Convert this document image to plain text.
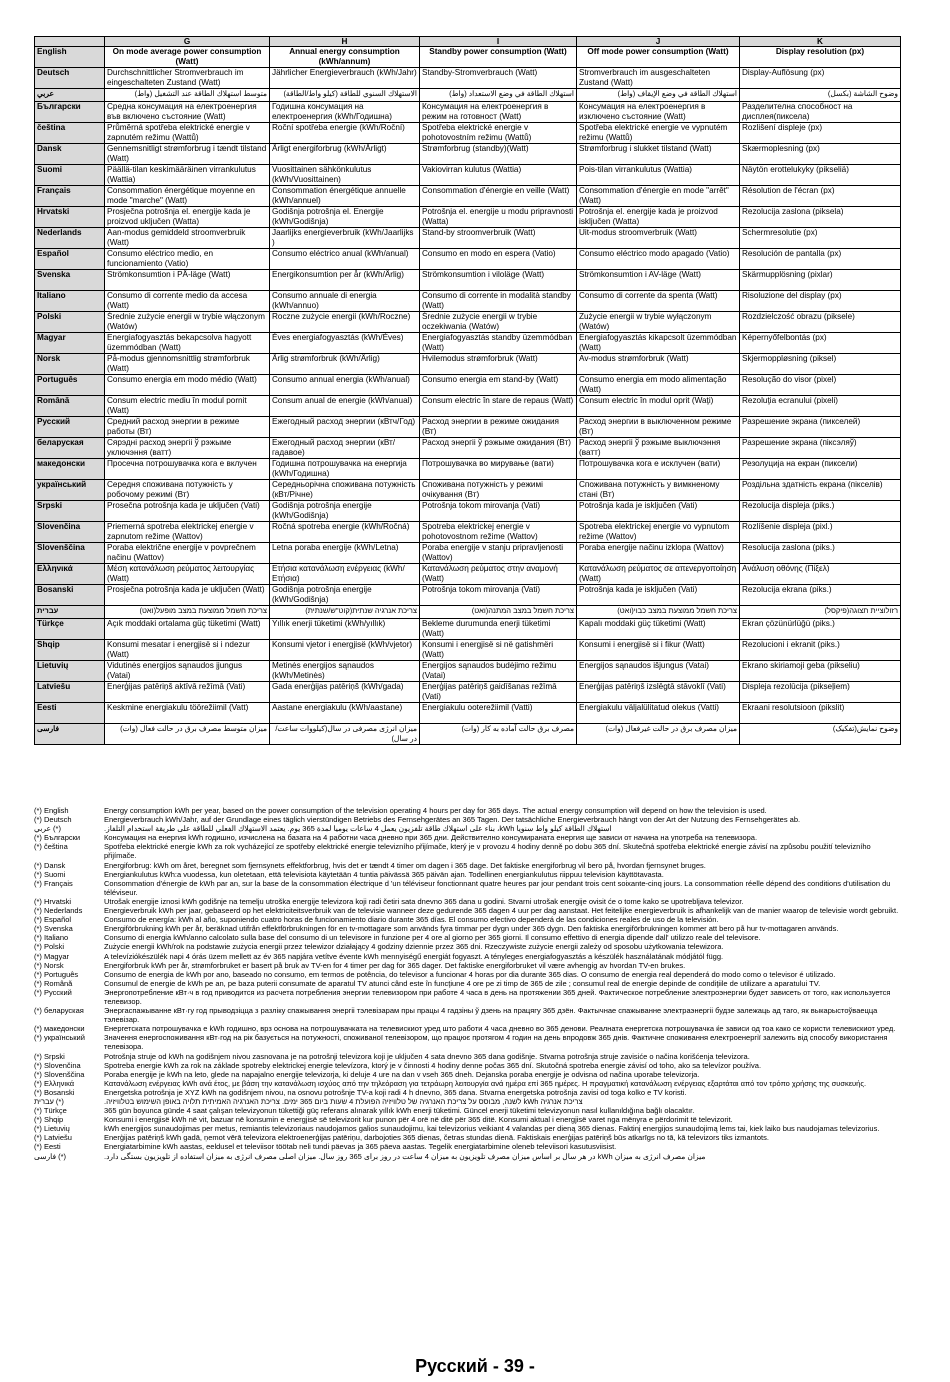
	G	H	I	J	K
English	On mode average power consumption (Watt)	Annual energy consumption (kWh/annum)	Standby power consumption (Watt)	Off mode power consumption (Watt)	Display resolution (px)
Deutsch	Durchschnittlicher Stromverbrauch im eingeschalteten Zustand (Watt)	Jährlicher Energieverbrauch (kWh/Jahr)	Standby-Stromverbrauch (Watt)	Stromverbrauch im ausgeschalteten Zustand (Watt)	Display-Auflösung (px)
عربي	متوسط استهلاك الطاقة عند التشغيل (واط)	الاستهلاك السنوي للطاقة (كيلو واط/الطاقة)	استهلاك الطاقة في وضع الاستعداد (واط)	استهلاك الطاقة في وضع الإيقاف (واط)	وضوح الشاشة (بكسل)
Български	Средна консумация на електроенергия във включено състояние (Watt)	Годишна консумация на електроенергия (kWh/Годишна)	Консумация на електроенергия в режим на готовност (Watt)	Консумация на електроенергия в изключено състояние (Watt)	Разделителна способност на дисплея(пиксела)
čeština	Průměrná spotřeba elektrické energie v zapnutém režimu (Wattů)	Roční spotřeba energie (kWh/Roční)	Spotřeba elektrické energie v pohotovostním režimu (Wattů)	Spotřeba elektrické energie ve vypnutém režimu (Wattů)	Rozlišení displeje (px)
Dansk	Gennemsnitligt strømforbrug i tændt tilstand (Watt)	Årligt energiforbrug (kWh/Årligt)	Strømforbrug (standby)(Watt)	Strømforbrug i slukket tilstand (Watt)	Skærmoplesning (px)
Suomi	Päällä-tilan keskimääräinen virrankulutus (Wattia)	Vuosittainen sähkönkulutus (kWh/Vuosittainen)	Vakiovirran kulutus (Wattia)	Pois-tilan virrankulutus (Wattia)	Näytön erottelukyky (pikseliä)
Français	Consommation énergétique moyenne en mode "marche" (Watt)	Consommation énergétique annuelle (kWh/annuel)	Consommation d'énergie en veille (Watt)	Consommation d'énergie en mode "arrêt" (Watt)	Résolution de l'écran (px)
Hrvatski	Prosječna potrošnja el. energije kada je proizvod uključen (Watta)	Godišnja potrošnja el. Energije (kWh/Godišnja)	Potrošnja el. energije u modu pripravnosti (Watta)	Potrošnja el. energije kada je proizvod isključen (Watta)	Rezolucija zaslona (piksela)
Nederlands	Aan-modus gemiddeld stroomverbruik (Watt)	Jaarlijks energieverbruik (kWh/Jaarlijks )	Stand-by stroomverbruik (Watt)	Uit-modus stroomverbruik (Watt)	Schermresolutie (px)
Español	Consumo eléctrico medio, en funcionamiento (Vatio)	Consumo eléctrico anual (kWh/anual)	Consumo en modo en espera (Vatio)	Consumo eléctrico modo apagado (Vatio)	Resolución de pantalla (px)
Svenska	Strömkonsumtion i PÅ-läge (Watt)	Energikonsumtion per år (kWh/Årlig)	Strömkonsumtion i viloläge (Watt)	Strömkonsumtion i AV-läge (Watt)	Skärmupplösning (pixlar)
Italiano	Consumo di corrente medio da accesa (Watt)	Consumo annuale di energia (kWh/annuo)	Consumo di corrente in modalità standby (Watt)	Consumo di corrente da spenta (Watt)	Risoluzione del display (px)
Polski	Średnie zużycie energii w trybie włączonym (Watów)	Roczne zużycie energii (kWh/Roczne)	Średnie zużycie energii w trybie oczekiwania (Watów)	Zużycie energii w trybie wyłączonym (Watów)	Rozdzielczość obrazu (piksele)
Magyar	Energiafogyasztás bekapcsolva hagyott üzemmódban (Watt)	Éves energiafogyasztás (kWh/Éves)	Energiafogyasztás standby üzemmódban (Watt)	Energiafogyasztás kikapcsolt üzemmódban (Watt)	Képernyőfelbontás (px)
Norsk	På-modus gjennomsnittlig strømforbruk (Watt)	Årlig strømforbruk (kWh/Årlig)	Hvilemodus strømforbruk (Watt)	Av-modus strømforbruk (Watt)	Skjermoppløsning (piksel)
Português	Consumo energia em modo médio (Watt)	Consumo annual energia (kWh/anual)	Consumo energia em stand-by (Watt)	Consumo energia em modo alimentação (Watt)	Resolução do visor (pixel)
Română	Consum electric mediu în modul pornit (Watt)	Consum anual de energie (kWh/anual)	Consum electric în stare de repaus (Watt)	Consum electric în modul oprit (Waţi)	Rezoluţia ecranului (pixeli)
Русский	Средний расход энергии в режиме работы (Вт)	Ежегодный расход энергии (кВтч/Год)	Расход энергии в режиме ожидания (Вт)	Расход энергии в выключенном режиме (Вт)	Разрешение экрана (пикселей)
беларуская	Сярэдні расход энергіі ў рэжыме уключэння (ватт)	Ежегодный расход энергии (кВт/гадавое)	Расход энергіі ў рэжыме ожидания (Вт)	Расход энергіі ў рэжыме выключэння (ватт)	Разрешение экрана (пiксэляў)
македонски	Просечна потрошувачка кога е вклучен	Годишна потрошувачка на енергија (kWh/Годишна)	Потрошувачка во мирување (вати)	Потрошувачка кога е исклучен (вати)	Резолуција на екран (пиксели)
український	Середня споживана потужність у робочому режимі (Вт)	Середньорічна споживана потужність (кВт/Річне)	Споживана потужність у режимі очікування (Вт)	Споживана потужність у вимкненому стані (Вт)	Роздільна здатність екрана (пікселів)
Srpski	Prosečna potrošnja kada je uključen (Vati)	Godišnja potrošnja energije (kWh/Godišnja)	Potrošnja tokom mirovanja (Vati)	Potrošnja kada je isključen (Vati)	Rezolucija displeja (piks.)
Slovenčina	Priemerná spotreba elektrickej energie v zapnutom režime (Wattov)	Ročná spotreba energie (kWh/Ročná)	Spotreba elektrickej energie v pohotovostnom režime (Wattov)	Spotreba elektrickej energie vo vypnutom režime (Wattov)	Rozlíšenie displeja (pixl.)
Slovenščina	Poraba električne energije v povprečnem načinu (Wattov)	Letna poraba energije (kWh/Letna)	Poraba energije v stanju pripravljenosti (Wattov)	Poraba energije načinu izklopa (Wattov)	Resolucija zaslona (piks.)
Ελληνικά	Μέση κατανάλωση ρεύματος λειτουργίας (Watt)	Ετήσια κατανάλωση ενέργειας (kWh/Ετήσια)	Κατανάλωση ρεύματος στην αναμονή (Watt)	Κατανάλωση ρεύματος σε απενεργοποίηση (Watt)	Ανάλυση οθόνης (Πίξελ)
Bosanski	Prosječna potrošnja kada je uključen (Watt)	Godišnja potrošnja energije (kWh/Godišnja)	Potrošnja tokom mirovanja (Vati)	Potrošnja kada je isključen (Vati)	Rezolucija ekrana (piks.)
עברית	צריכת חשמל ממוצעת במצב מופעל(ואט)	צריכת אנרגיה שנתית(קוט"ש/שנתית)	צריכת חשמל במצב המתנה(ואט)	צריכת חשמל ממוצעת במצב כבוי(ואט)	רזולוציית תצוגה(פיקסל)
Türkçe	Açık moddaki ortalama güç tüketimi (Watt)	Yıllık enerji tüketimi (kWh/yıllık)	Bekleme durumunda enerji tüketimi (Watt)	Kapalı moddaki güç tüketimi (Watt)	Ekran çözünürlüğü (piks.)
Shqip	Konsumi mesatar i energjisë si i ndezur (Watt)	Konsumi vjetor i energjisë (kWh/vjetor)	Konsumi i energjisë si në gatishmëri (Watt)	Konsumi i energjisë si i fikur (Watt)	Rezolucioni i ekranit (piks.)
Lietuvių	Vidutinės energijos sąnaudos įjungus (Vatai)	Metinės energijos sąnaudos (kWh/Metinės)	Energijos sąnaudos budėjimo režimu (Vatai)	Energijos sąnaudos išjungus (Vatai)	Ekrano skiriamoji geba (pikseliu)
Latviešu	Enerģijas patēriņš aktīvā režīmā (Vati)	Gada enerģijas patēriņš (kWh/gada)	Enerģijas patēriņš gaidīšanas režīmā (Vati)	Enerģijas patēriņš izslēgtā stāvoklī (Vati)	Displeja rezolūcija (pikseļiem)
Eesti	Keskmine energiakulu töörežiimil (Vatt)	Aastane energiakulu (kWh/aastane)	Energiakulu ooterežiimil (Vatti)	Energiakulu väljalülitatud olekus (Vatti)	Ekraani resolutsioon (pikslit)
فارسی	میزان متوسط مصرف برق در حالت فعال (وات)	میزان انرژی مصرفی در سال(کیلووات ساعت/در سال)	مصرف برق حالت آماده به کار (وات)	میزان مصرف برق در حالت غیرفعال (وات)	وضوح نمایش(تفکیک)
(*) English	Energy consumption kWh per year, based on the power consumption of the television operating 4 hours per day for 365 days. The actual energy consumption will depend on how the television is used.
(*) Deutsch	Energieverbrauch kWh/Jahr, auf der Grundlage eines täglich vierstündigen Betriebs des Fernsehgerätes an 365 Tagen. Der tatsächliche Energieverbrauch hängt von der Art der Nutzung des Fernsehgerätes ab.
عربي (*)	استهلاك الطاقة كيلو واط سنويا kWh، بناء على استهلاك طاقة تلفزيون يعمل 4 ساعات يوميا لمدة 365 يوم. يعتمد الاستهلاك الفعلي للطاقة على طريقة استخدام التلفاز.
(*) Български	Консумация на енергия kWh годишно, изчислена на базата на 4 работни часа дневно при 365 дни. Действително консумираната енергия ще зависи от начина на употреба на телевизора.
(*) čeština	Spotřeba elektrické energie kWh za rok vycházející ze spotřeby elektrické energie televizního přijímače, který je v provozu 4 hodiny denně po dobu 365 dní. Skutečná spotřeba elektrické energie závisí na způsobu použití televizního přijímače.
(*) Dansk	Energiforbrug: kWh om året, beregnet som fjernsynets effektforbrug, hvis det er tændt 4 timer om dagen i 365 dage. Det faktiske energiforbrug vil bero på, hvordan fjernsynet bruges.
(*) Suomi	Energiankulutus kWh:a vuodessa, kun oletetaan, että televisiota käytetään 4 tuntia päivässä 365 päivän ajan. Todellinen energiankulutus riippuu television käyttötavasta.
(*) Français	Consommation d'énergie de kWh par an, sur la base de la consommation électrique d 'un téléviseur fonctionnant quatre heures par jour pendant trois cent soixante-cinq jours. La consommation réelle dépend des conditions d'utilisation du téléviseur.
(*) Hrvatski	Utrošak energije iznosi kWh godišnje na temelju utroška energije televizora koji radi četiri sata dnevno 365 dana u godini. Stvarni utrošak energije ovisit će o tome kako se upotrebljava televizor.
(*) Nederlands	Energieverbruik kWh per jaar, gebaseerd op het elektriciteitsverbruik van de televisie wanneer deze gedurende 365 dagen 4 uur per dag aanstaat. Het feitelijke energieverbruik is afhankelijk van de manier waarop de televisie wordt gebruikt.
(*) Español	Consumo de energía: kWh al año, suponiendo cuatro horas de funcionamiento diario durante 365 días. El consumo efectivo dependerá de las condiciones reales de uso de la televisión.
(*) Svenska	Energiförbrukning kWh per år, beräknad utifrån effektförbrukningen för en tv-mottagare som används fyra timmar per dygn under 365 dygn. Den faktiska energiförbrukningen kommer att bero på hur tv-mottagaren används.
(*) Italiano	Consumo di energia kWh/anno calcolato sulla base del consumo di un televisore in funzione per 4 ore al giorno per 365 giorni. Il consumo effettivo di energia dipende dall' utilizzo reale del televisore.
(*) Polski	Zużycie energii kWh/rok na podstawie zużycia energii przez telewizor działający 4 godziny dziennie przez 365 dni. Rzeczywiste zużycie energii zależy od sposobu użytkowania telewizora.
(*) Magyar	A televíziókészülék napi 4 órás üzem mellett az év 365 napjára vetítve évente kWh mennyiségű energiát fogyaszt. A tényleges energiafogyasztás a készülék használatának módjától függ.
(*) Norsk	Energiforbruk kWh per år, strømforbruket er basert på bruk av TV-en for 4 timer per dag for 365 dager. Det faktiske energiforbruket vil være avhengig av hvordan TV-en brukes.
(*) Português	Consumo de energia de kWh por ano, baseado no consumo, em termos de potência, do televisor a funcionar 4 horas por dia durante 365 dias. O consumo de energia real dependerá do modo como o televisor é utilizado.
(*) Română	Consumul de energie de kWh pe an, pe baza puterii consumate de aparatul TV atunci când este în funcţiune 4 ore pe zi timp de 365 de zile ; consumul real de energie depinde de condiţiile de utilizare a aparatului TV.
(*) Русский	Энергопотребление кВт·ч в год приводится из расчета потребления энергии телевизором при работе 4 часа в день на протяжении 365 дней. Фактическое потребление электроэнергии будет зависеть от того, как используется телевизор.
(*) беларуская	Энергаспажыванне кВт·гу год прыводзіцца з разліку спажывання энергіі тэлевізарам пры працы 4 гадзіны ў дзень на працягу 365 дзён. Фактычнае спажыванне электраэнергіі будзе залежаць ад таго, як выкарыстоўваецца тэлевізар.
(*) македонски	Енергетската потрошувачка е kWh годишно, врз основа на потрошувачката на телевискиот уред што работи 4 часа дневно во 365 денови. Реалната енергетска потрошувачка ќе зависи од тоа како се користи телевискиот уред.
(*) український	Значення енергоспоживання кВт·год на рік базується на потужності, споживаної телевізором, що працює протягом 4 годин на день впродовж 365 днів. Фактичне споживання електроенергії залежить від способу використання телевізора.
(*) Srpski	Potrošnja struje od kWh na godišnjem nivou zasnovana je na potrošnji televizora koji je uključen 4 sata dnevno 365 dana godišnje. Stvarna potrošnja struje zavisiće o načina korišćenja televizora.
(*) Slovenčina	Spotreba energie kWh za rok na základe spotreby elektrickej energie televízora, ktorý je v činnosti 4 hodiny denne počas 365 dní. Skutočná spotreba energie závisí od toho, ako sa televízor používa.
(*) Slovenščina	Poraba energije je kWh na leto, glede na napajalno energije televizorja, ki deluje 4 ure na dan v vseh 365 dneh. Dejanska poraba energije je odvisna od načina uporabe televizorja.
(*) Ελληνικά	Κατανάλωση ενέργειας kWh ανά έτος, με βάση την κατανάλωση ισχύος από την τηλεόραση για τετράωρη λειτουργία ανά ημέρα επί 365 ημέρες. Η πραγματική κατανάλωση ενέργειας εξαρτάται από τον τρόπο χρήσης της συσκευής.
(*) Bosanski	Energetska potrošnja je XYZ kWh na godišnjem nivou, na osnovu potrošnje TV-a koji radi 4 h dnevno, 365 dana. Stvarna energetska potrošnja zavisi od toga kolko e TV koristi.
עברית (*)	צריכת אנרגיה kWh לשנה, מבוסס על צריכת האנרגיה של טלוויזיה הפועלת 4 שעות ביום 365 ימים. צריכת האנרגיה האמיתית תלויה באופן השימוש בטלוויזיה.
(*) Türkçe	365 gün boyunca günde 4 saat çalışan televizyonun tükettiği güç referans alınarak yıllık kWh enerji tüketimi. Güncel enerji tüketimi televizyonun nasıl kullanıldığına bağlı olacaktır.
(*) Shqip	Konsumi i energjisë kWh në vit, bazuar në konsumin e energjisë së televizorit kur punon për 4 orë në ditë për 365 ditë. Konsumi aktual i energjisë varet nga mënyra e përdorimit të televizorit.
(*) Lietuvių	kWh energijos sunaudojimas per metus, remiantis televizoriaus naudojamos galios sunaudojimu, kai televizorius veikiant 4 valandas per dieną 365 dienas. Faktinį energijos sunaudojimą lems tai, kiek laiko bus naudojamas televizorius.
(*) Latviešu	Enerģijas patēriņš kWh gadā, ņemot vērā televizora elektroenerģijas patēriņu, darbojoties 365 dienas, četras stundas dienā. Faktiskais enerģijas patēriņš būs atkarīgs no tā, kā televizors tiks izmantots.
(*) Eesti	Energiatarbimine kWh aastas, eeldusel et televiisor töötab neli tundi päevas ja 365 päeva aastas. Tegelik energiatarbimine oleneb televiisori kasutusviisist.
فارسی (*)	میزان مصرف انرژی به میزان kWh در هر سال بر اساس میزان مصرف تلویزیون به میزان 4 ساعت در روز برای 365 روز سال. میزان اصلی مصرف انرژی به میزان استفاده از تلویزیون بستگی دارد.
Русский - 39 -
